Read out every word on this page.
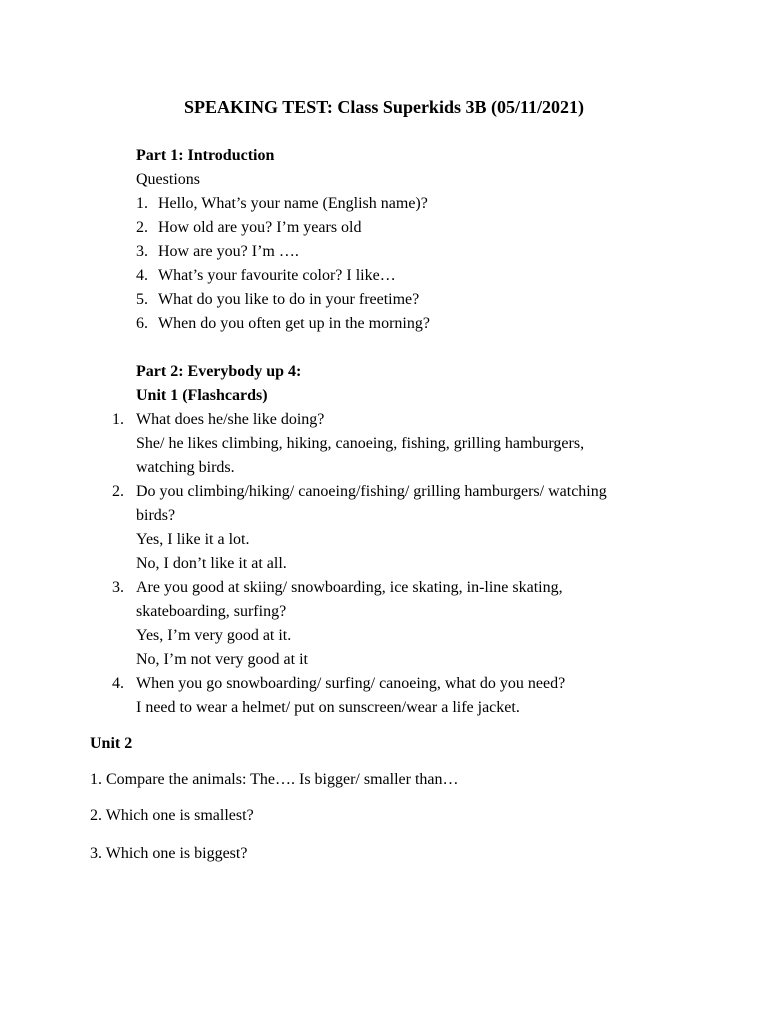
SPEAKING TEST: Class Superkids 3B (05/11/2021)
Part 1: Introduction
Questions
1. Hello, What’s your name (English name)?
2. How old are you? I’m years old
3. How are you? I’m ….
4. What’s your favourite color? I like…
5. What do you like to do in your freetime?
6. When do you often get up in the morning?
Part 2: Everybody up 4:
Unit 1 (Flashcards)
1. What does he/she like doing?
She/ he likes climbing, hiking, canoeing, fishing, grilling hamburgers,
watching birds.
2. Do you climbing/hiking/ canoeing/fishing/ grilling hamburgers/ watching
birds?
Yes, I like it a lot.
No, I don’t like it at all.
3. Are you good at skiing/ snowboarding, ice skating, in-line skating,
skateboarding, surfing?
Yes, I’m very good at it.
No, I’m not very good at it
4. When you go snowboarding/ surfing/ canoeing, what do you need?
I need to wear a helmet/ put on sunscreen/wear a life jacket.
Unit 2
1. Compare the animals: The…. Is bigger/ smaller than…
2. Which one is smallest?
3. Which one is biggest?
